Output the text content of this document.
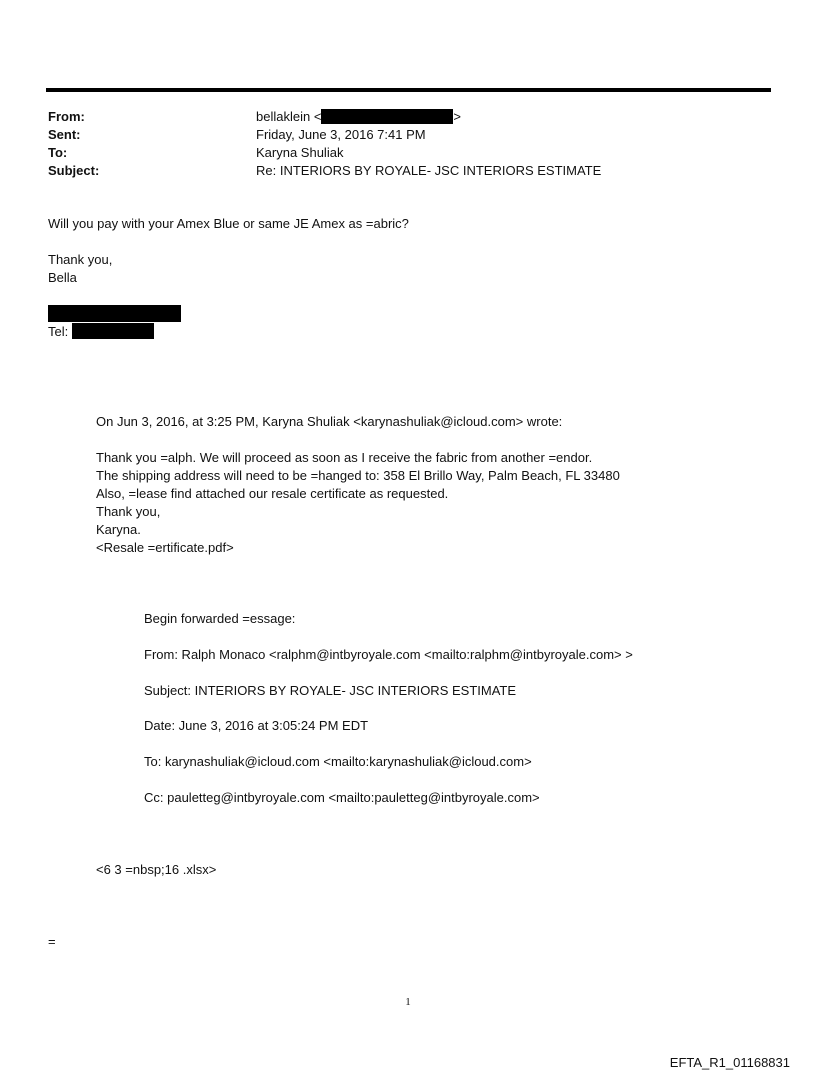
From:	bellaklein <	>
Sent:	Friday, June 3, 2016 7:41 PM
To:	Karyna Shuliak
Subject:	Re: INTERIORS BY ROYALE- JSC INTERIORS ESTIMATE
Will you pay with your Amex Blue or same JE Amex as =abric?
Thank you,
Bella
Tel:
On Jun 3, 2016, at 3:25 PM, Karyna Shuliak <karynashuliak@icloud.com> wrote:
Thank you =alph. We will proceed as soon as I receive the fabric from another =endor.
The shipping address will need to be =hanged to: 358 El Brillo Way, Palm Beach, FL 33480
Also, =lease find attached our resale certificate as requested.
Thank you,
Karyna.
<Resale =ertificate.pdf>
Begin forwarded =essage:
From: Ralph Monaco <ralphm@intbyroyale.com <mailto:ralphm@intbyroyale.com> >
Subject: INTERIORS BY ROYALE- JSC INTERIORS ESTIMATE
Date: June 3, 2016 at 3:05:24 PM EDT
To: karynashuliak@icloud.com <mailto:karynashuliak@icloud.com>
Cc: pauletteg@intbyroyale.com <mailto:pauletteg@intbyroyale.com>
<6 3 =nbsp;16 .xlsx>
=
1
EFTA_R1_01168831
